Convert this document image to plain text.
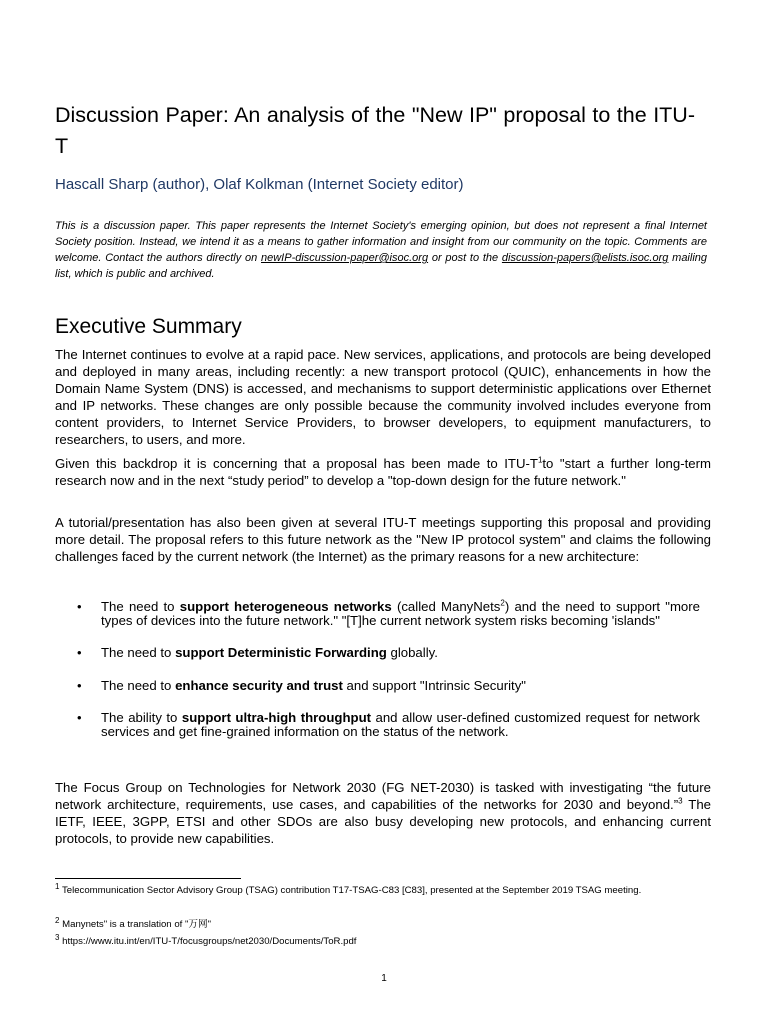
Discussion Paper: An analysis of the "New IP" proposal to the ITU-T

Hascall Sharp (author), Olaf Kolkman (Internet Society editor)

This is a discussion paper. This paper represents the Internet Society's emerging opinion, but does not represent a final Internet Society position. Instead, we intend it as a means to gather information and insight from our community on the topic. Comments are welcome. Contact the authors directly on newIP-discussion-paper@isoc.org or post to the discussion-papers@elists.isoc.org mailing list, which is public and archived.

Executive Summary

The Internet continues to evolve at a rapid pace. New services, applications, and protocols are being developed and deployed in many areas, including recently: a new transport protocol (QUIC), enhancements in how the Domain Name System (DNS) is accessed, and mechanisms to support deterministic applications over Ethernet and IP networks. These changes are only possible because the community involved includes everyone from content providers, to Internet Service Providers, to browser developers, to equipment manufacturers, to researchers, to users, and more.

Given this backdrop it is concerning that a proposal has been made to ITU-$T^1to$ "start a further long-term research now and in the next “study period” to develop a "top-down design for the future network."

A tutorial/presentation has also been given at several ITU-T meetings supporting this proposal and providing more detail. The proposal refers to this future network as the "New IP protocol system" and claims the following challenges faced by the current network (the Internet) as the primary reasons for a new architecture:

• The need to support heterogeneous networks (called ManyNets$^2$) and the need to support "more types of devices into the future network." "[T]he current network system risks becoming 'islands"
• The need to support Deterministic Forwarding globally.
• The need to enhance security and trust and support "Intrinsic Security"
• The ability to support ultra-high throughput and allow user-defined customized request for network services and get fine-grained information on the status of the network.

The Focus Group on Technologies for Network 2030 (FG NET-2030) is tasked with investigating “the future network architecture, requirements, use cases, and capabilities of the networks for 2030 and beyond.”$^3$ The IETF, IEEE, 3GPP, ETSI and other SDOs are also busy developing new protocols, and enhancing current protocols, to provide new capabilities.

$^1$ Telecommunication Sector Advisory Group (TSAG) contribution T17-TSAG-C83 [C83], presented at the September 2019 TSAG meeting.

$^2$ Manynets" is a translation of "万网"

$^3$ https://www.itu.int/en/ITU-T/focusgroups/net2030/Documents/ToR.pdf

1
